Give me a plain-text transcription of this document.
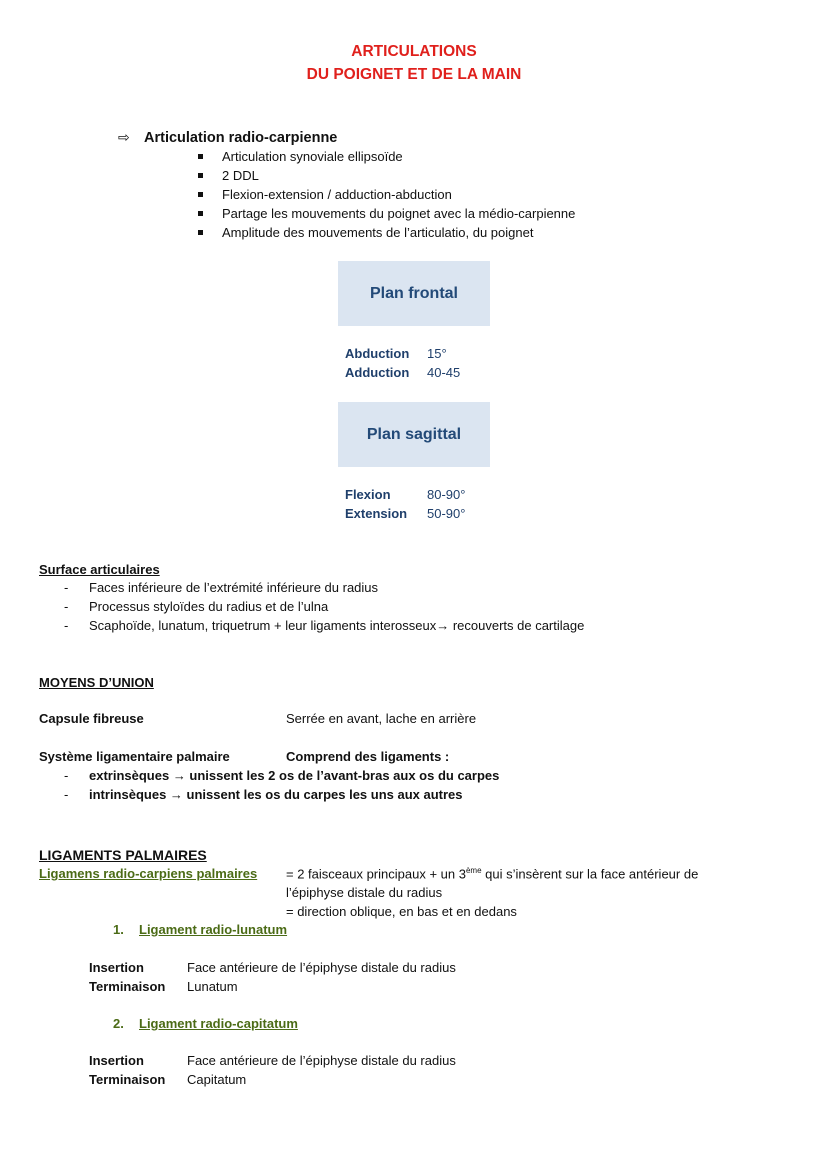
ARTICULATIONS
DU POIGNET ET DE LA MAIN
⇨ Articulation radio-carpienne
Articulation synoviale ellipsoïde
2 DDL
Flexion-extension / adduction-abduction
Partage les mouvements du poignet avec la médio-carpienne
Amplitude des mouvements de l’articulatio, du poignet
Plan frontal
Abduction 15°
Adduction 40-45
Plan sagittal
Flexion	80-90°
Extension 50-90°
Surface articulaires
- Faces inférieure de l’extrémité inférieure du radius
- Processus styloïdes du radius et de l’ulna
- Scaphoïde, lunatum, triquetrum + leur ligaments interosseux→ recouverts de cartilage
MOYENS D’UNION
Capsule fibreuse	Serrée en avant, lache en arrière
Système ligamentaire palmaire	Comprend des ligaments :
- extrinsèques → unissent les 2 os de l’avant-bras aux os du carpes
- intrinsèques → unissent les os du carpes les uns aux autres
LIGAMENTS PALMAIRES
Ligamens radio-carpiens palmaires = 2 faisceaux principaux + un 3ème qui s’insèrent sur la face antérieur de
l’épiphyse distale du radius
= direction oblique, en bas et en dedans
1. Ligament radio-lunatum
Insertion	Face antérieure de l’épiphyse distale du radius
Terminaison Lunatum
2. Ligament radio-capitatum
Insertion	Face antérieure de l’épiphyse distale du radius
Terminaison Capitatum
